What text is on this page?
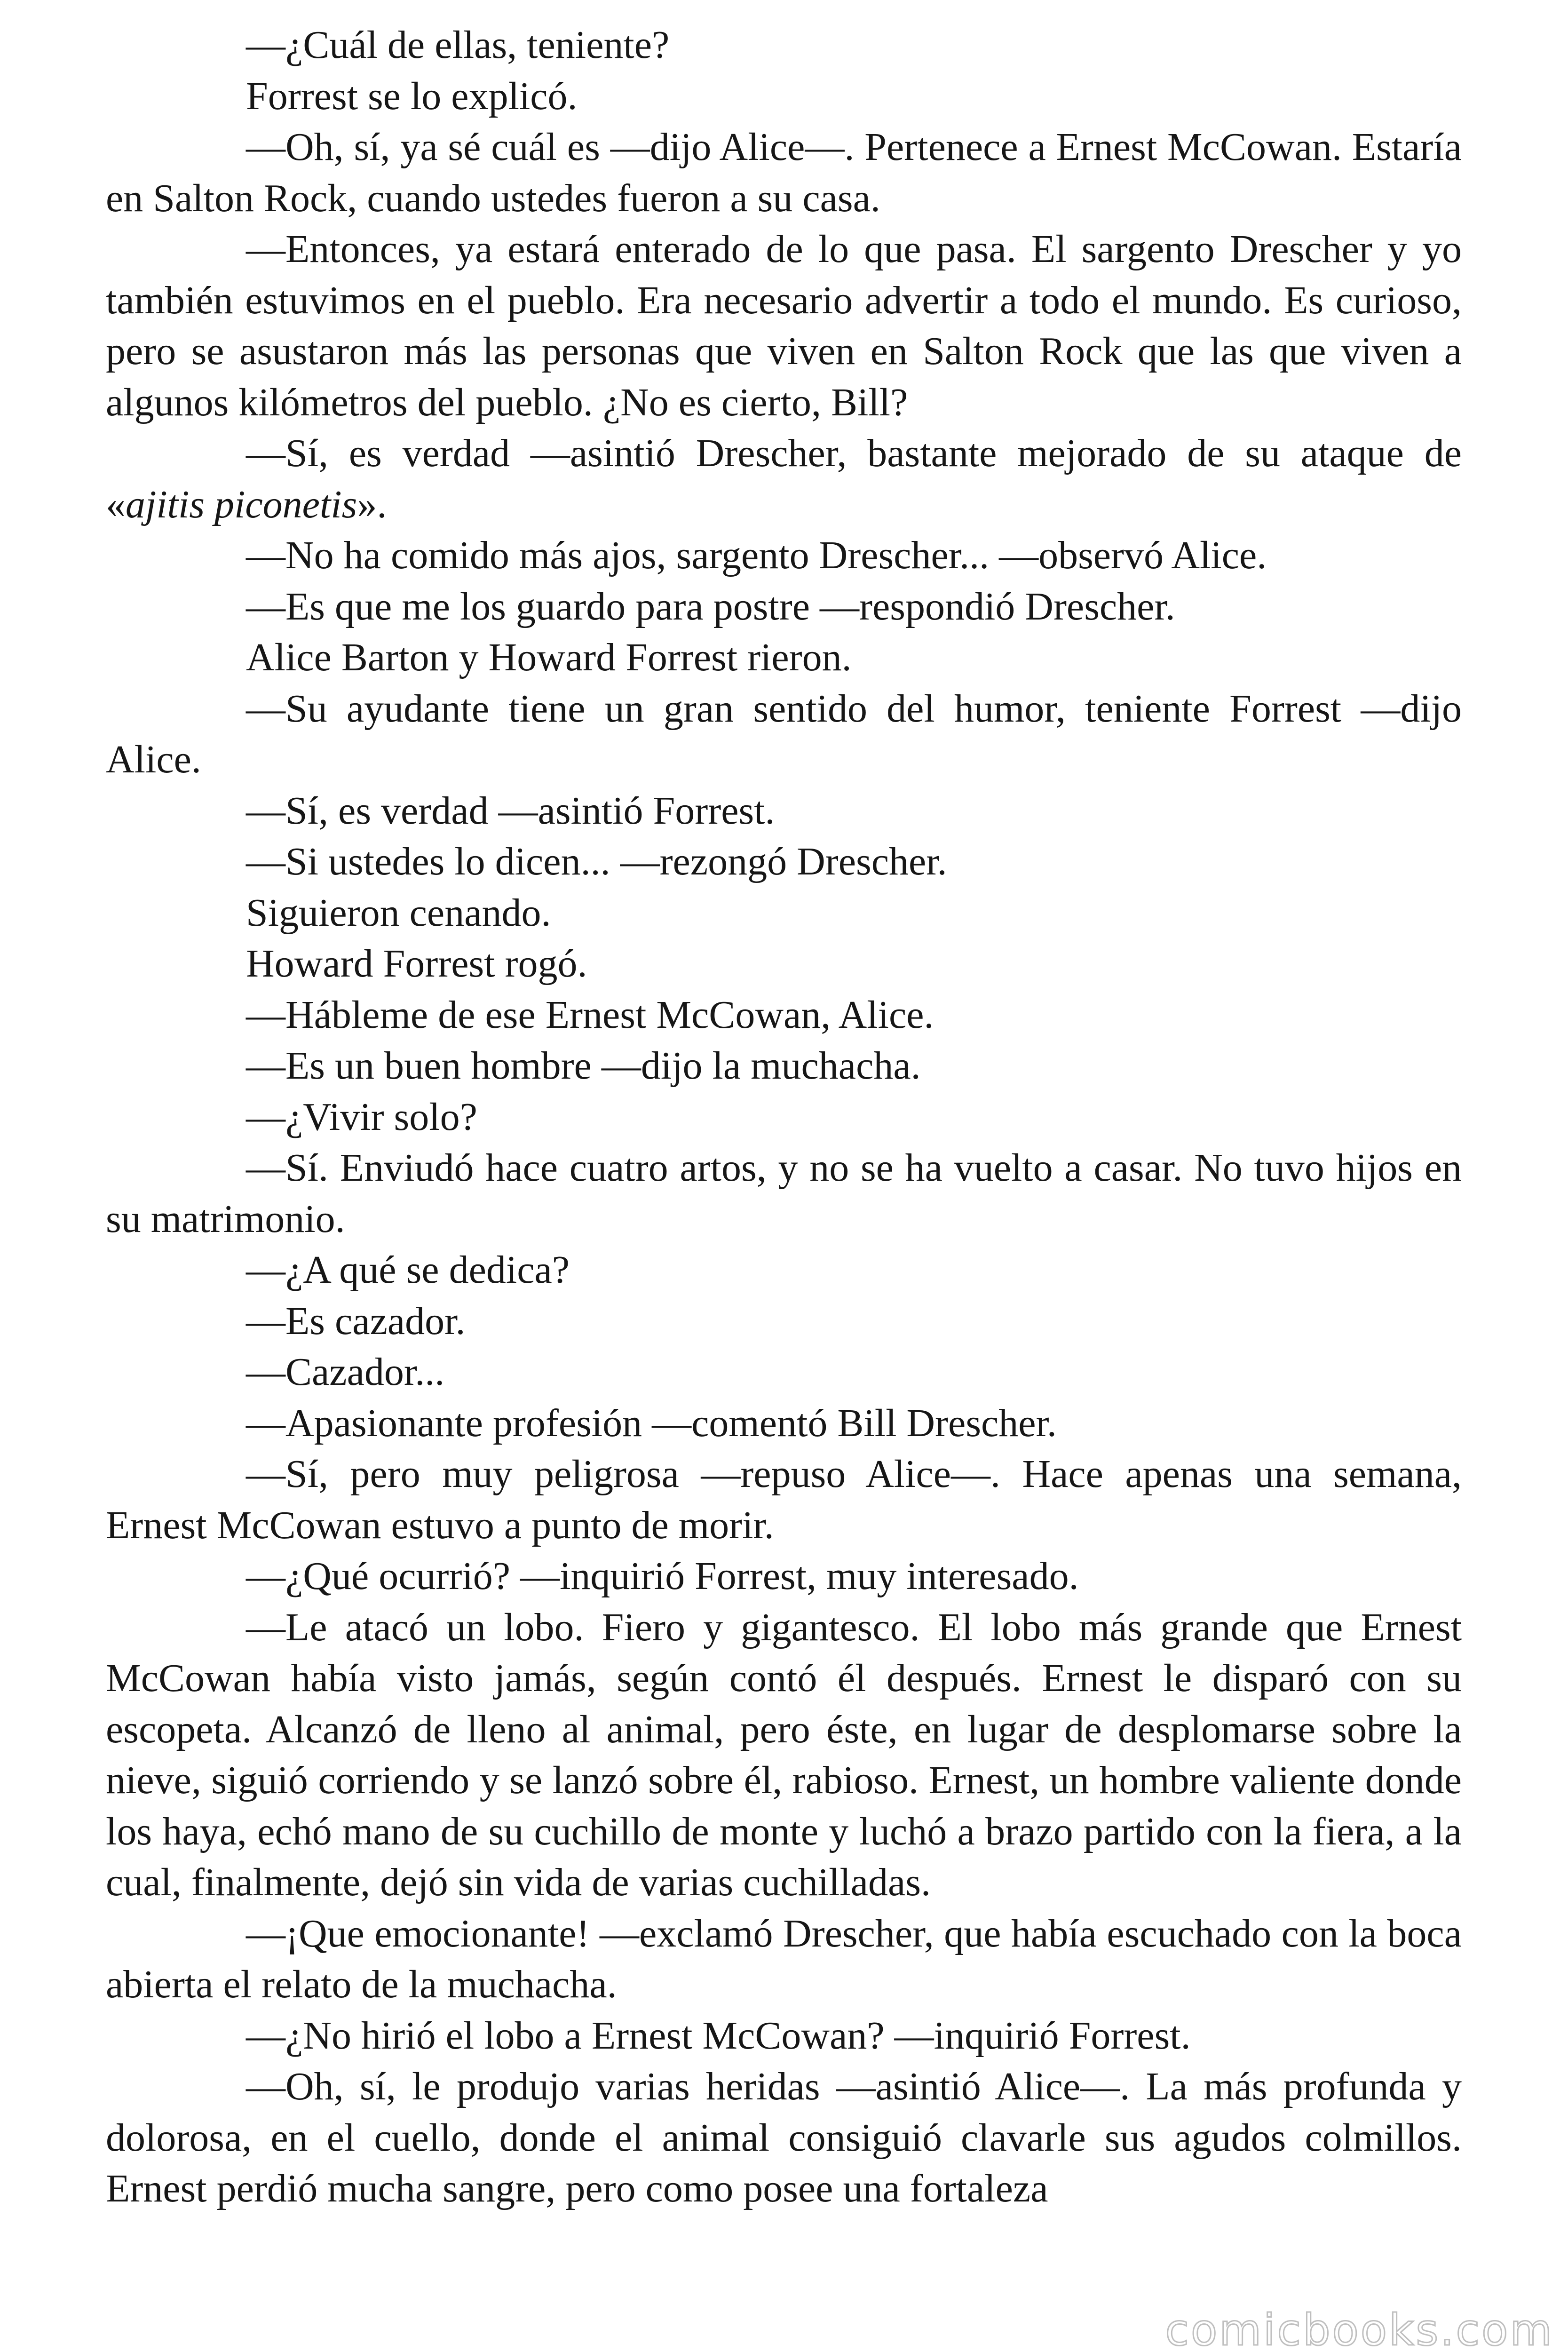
—¿Cuál de ellas, teniente?

Forrest se lo explicó.

—Oh, sí, ya sé cuál es —dijo Alice—. Pertenece a Ernest McCowan. Estaría en Salton Rock, cuando ustedes fueron a su casa.

—Entonces, ya estará enterado de lo que pasa. El sargento Drescher y yo también estuvimos en el pueblo. Era necesario advertir a todo el mundo. Es curioso, pero se asustaron más las personas que viven en Salton Rock que las que viven a algunos kilómetros del pueblo. ¿No es cierto, Bill?

—Sí, es verdad —asintió Drescher, bastante mejorado de su ataque de «ajitis piconetis».

—No ha comido más ajos, sargento Drescher... —observó Alice.

—Es que me los guardo para postre —respondió Drescher.

Alice Barton y Howard Forrest rieron.

—Su ayudante tiene un gran sentido del humor, teniente Forrest —dijo Alice.

—Sí, es verdad —asintió Forrest.

—Si ustedes lo dicen... —rezongó Drescher.

Siguieron cenando.

Howard Forrest rogó.

—Hábleme de ese Ernest McCowan, Alice.

—Es un buen hombre —dijo la muchacha.

—¿Vivir solo?

—Sí. Enviudó hace cuatro artos, y no se ha vuelto a casar. No tuvo hijos en su matrimonio.

—¿A qué se dedica?

—Es cazador.

—Cazador...

—Apasionante profesión —comentó Bill Drescher.

—Sí, pero muy peligrosa —repuso Alice—. Hace apenas una semana, Ernest McCowan estuvo a punto de morir.

—¿Qué ocurrió? —inquirió Forrest, muy interesado.

—Le atacó un lobo. Fiero y gigantesco. El lobo más grande que Ernest McCowan había visto jamás, según contó él después. Ernest le disparó con su escopeta. Alcanzó de lleno al animal, pero éste, en lugar de desplomarse sobre la nieve, siguió corriendo y se lanzó sobre él, rabioso. Ernest, un hombre valiente donde los haya, echó mano de su cuchillo de monte y luchó a brazo partido con la fiera, a la cual, finalmente, dejó sin vida de varias cuchilladas.

—¡Que emocionante! —exclamó Drescher, que había escuchado con la boca abierta el relato de la muchacha.

—¿No hirió el lobo a Ernest McCowan? —inquirió Forrest.

—Oh, sí, le produjo varias heridas —asintió Alice—. La más profunda y dolorosa, en el cuello, donde el animal consiguió clavarle sus agudos colmillos. Ernest perdió mucha sangre, pero como posee una fortaleza

comicbooks.com
